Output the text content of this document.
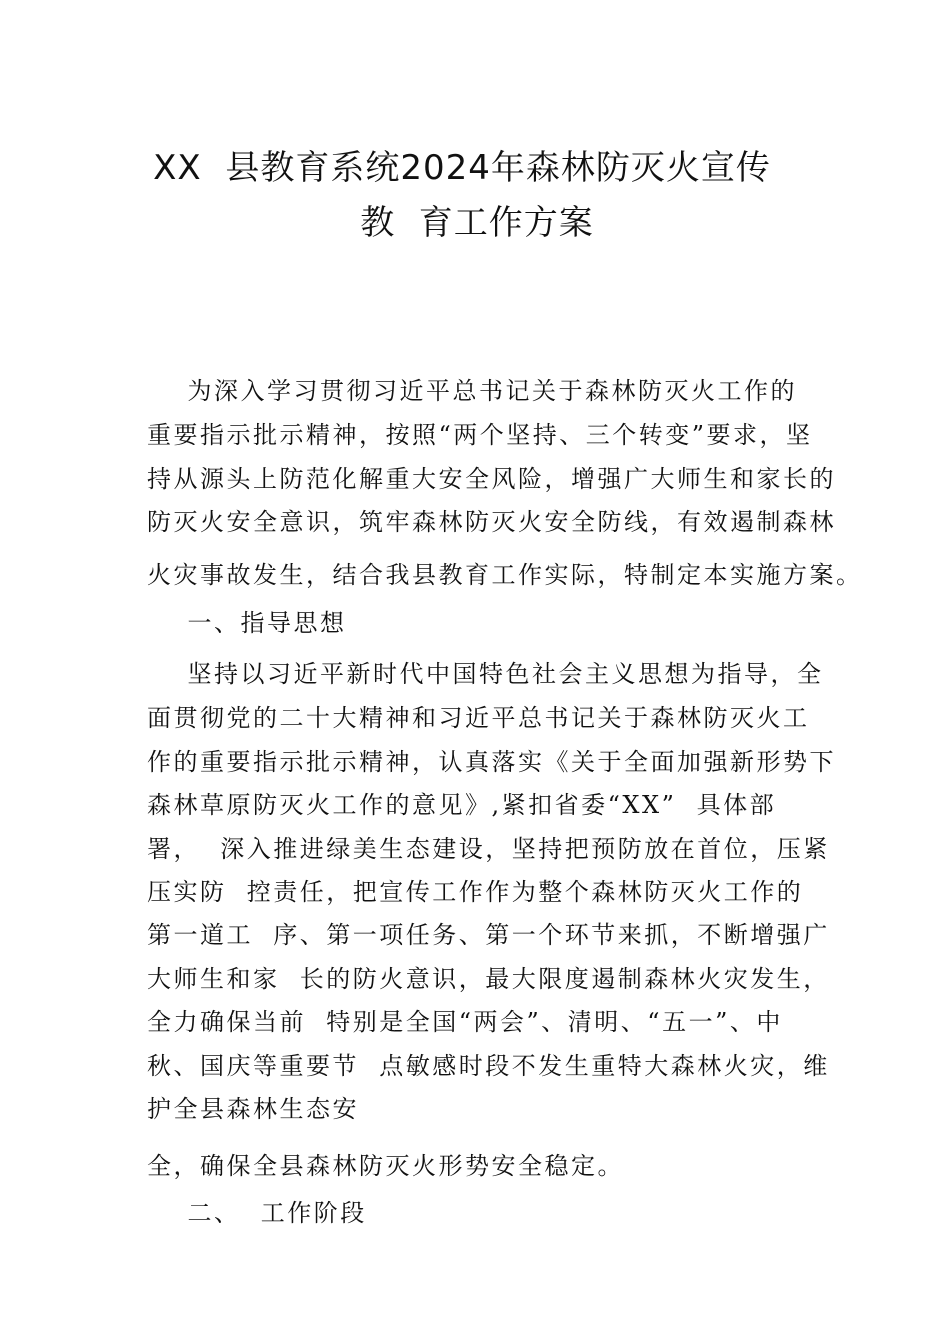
XX  县教育系统2024年森林防灭火宣传
教  育工作方案
为深入学习贯彻习近平总书记关于森林防灭火工作的
重要指示批示精神，按照“两个坚持、三个转变”要求，坚
持从源头上防范化解重大安全风险，增强广大师生和家长的
防灭火安全意识，筑牢森林防灭火安全防线，有效遏制森林
火灾事故发生，结合我县教育工作实际，特制定本实施方案。
一、指导思想
坚持以习近平新时代中国特色社会主义思想为指导，全
面贯彻党的二十大精神和习近平总书记关于森林防灭火工
作的重要指示批示精神，认真落实《关于全面加强新形势下
森林草原防灭火工作的意见》,紧扣省委“XX”  具体部
署，  深入推进绿美生态建设，坚持把预防放在首位，压紧
压实防  控责任，把宣传工作作为整个森林防灭火工作的
第一道工  序、第一项任务、第一个环节来抓，不断增强广
大师生和家  长的防火意识，最大限度遏制森林火灾发生，
全力确保当前  特别是全国“两会”、清明、“五一”、中
秋、国庆等重要节  点敏感时段不发生重特大森林火灾，维
护全县森林生态安
全，确保全县森林防灭火形势安全稳定。
二、  工作阶段
